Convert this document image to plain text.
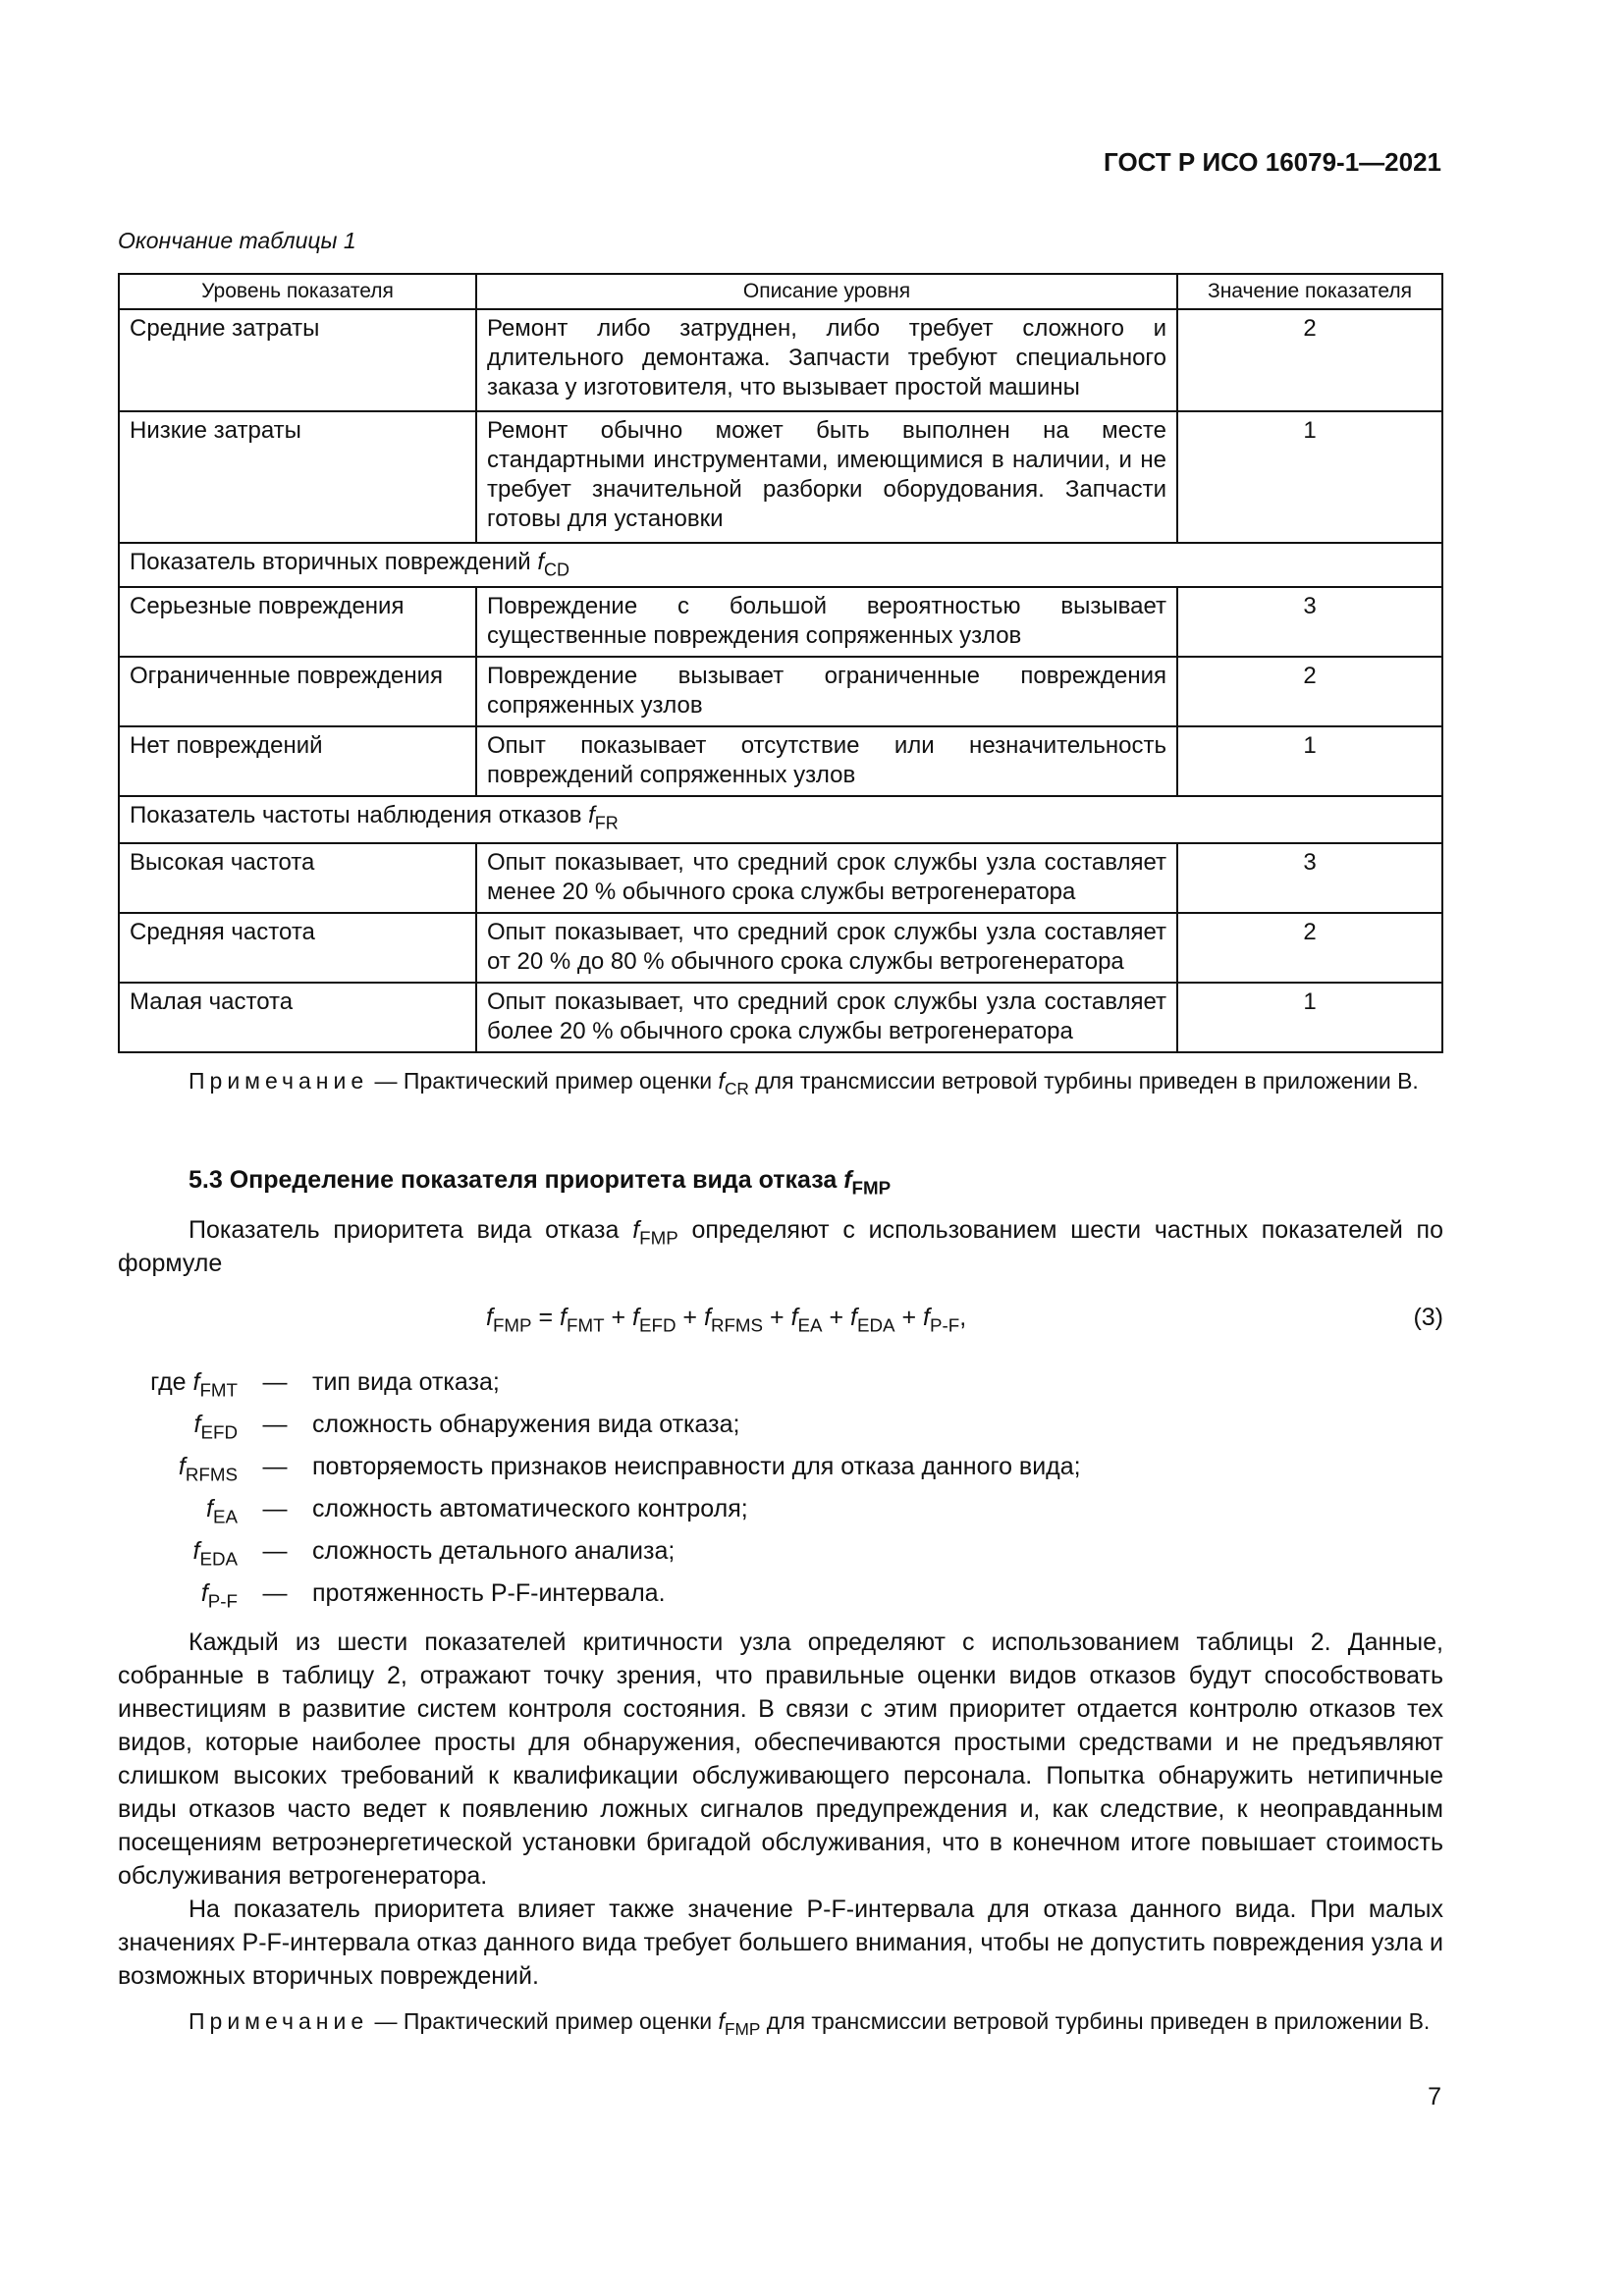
ГОСТ Р ИСО 16079-1—2021
Окончание таблицы 1
Уровень показателя	Описание уровня	Значение показателя
Средние затраты	Ремонт либо затруднен, либо требует сложного и длительного демонтажа. Запчасти требуют специального заказа у изготовителя, что вызывает простой машины	2
Низкие затраты	Ремонт обычно может быть выполнен на месте стандартными инструментами, имеющимися в наличии, и не требует значительной разборки оборудования. Запчасти готовы для установки	1
Показатель вторичных повреждений $f_{CD}$
Серьезные повреждения	Повреждение с большой вероятностью вызывает существенные повреждения сопряженных узлов	3
Ограниченные повреждения	Повреждение вызывает ограниченные повреждения сопряженных узлов	2
Нет повреждений	Опыт показывает отсутствие или незначительность повреждений сопряженных узлов	1
Показатель частоты наблюдения отказов $f_{FR}$
Высокая частота	Опыт показывает, что средний срок службы узла составляет менее 20 % обычного срока службы ветрогенератора	3
Средняя частота	Опыт показывает, что средний срок службы узла составляет от 20 % до 80 % обычного срока службы ветрогенератора	2
Малая частота	Опыт показывает, что средний срок службы узла составляет более 20 % обычного срока службы ветрогенератора	1
Примечание — Практический пример оценки $f_{CR}$ для трансмиссии ветровой турбины приведен в приложении В.
5.3 Определение показателя приоритета вида отказа $f_{FMP}$
Показатель приоритета вида отказа $f_{FMP}$ определяют с использованием шести частных показателей по формуле
$f_{FMP} = f_{FMT} + f_{EFD} + f_{RFMS} + f_{EA} + f_{EDA} + f_{P-F}$,	(3)
где $f_{FMT}$	—	тип вида отказа;
$f_{EFD}$	—	сложность обнаружения вида отказа;
$f_{RFMS}$	—	повторяемость признаков неисправности для отказа данного вида;
$f_{EA}$	—	сложность автоматического контроля;
$f_{EDA}$	—	сложность детального анализа;
$f_{P-F}$	—	протяженность Р-F-интервала.
Каждый из шести показателей критичности узла определяют с использованием таблицы 2. Данные, собранные в таблицу 2, отражают точку зрения, что правильные оценки видов отказов будут способствовать инвестициям в развитие систем контроля состояния. В связи с этим приоритет отдается контролю отказов тех видов, которые наиболее просты для обнаружения, обеспечиваются простыми средствами и не предъявляют слишком высоких требований к квалификации обслуживающего персонала. Попытка обнаружить нетипичные виды отказов часто ведет к появлению ложных сигналов предупреждения и, как следствие, к неоправданным посещениям ветроэнергетической установки бригадой обслуживания, что в конечном итоге повышает стоимость обслуживания ветрогенератора.
На показатель приоритета влияет также значение Р-F-интервала для отказа данного вида. При малых значениях Р-F-интервала отказ данного вида требует большего внимания, чтобы не допустить повреждения узла и возможных вторичных повреждений.
Примечание — Практический пример оценки $f_{FMP}$ для трансмиссии ветровой турбины приведен в приложении В.
7
